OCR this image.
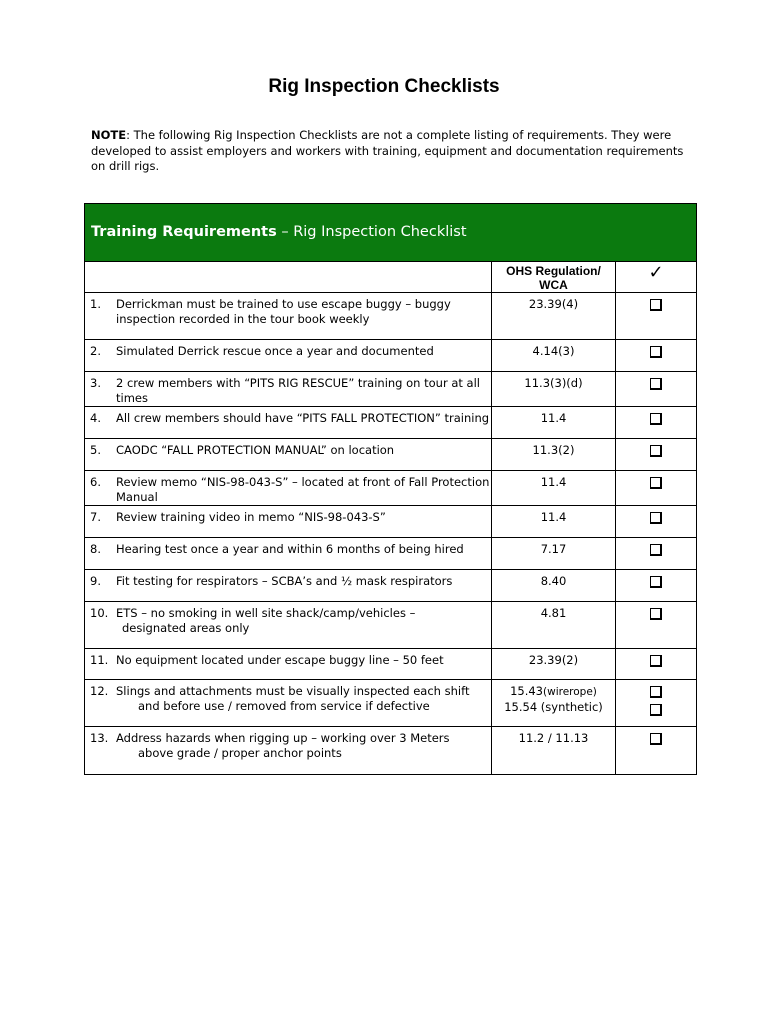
Rig Inspection Checklists
NOTE: The following Rig Inspection Checklists are not a complete listing of requirements. They were developed to assist employers and workers with training, equipment and documentation requirements on drill rigs.
Training Requirements – Rig Inspection Checklist		
	OHS Regulation/ WCA	✓

1. Derrickman must be trained to use escape buggy – buggy inspection recorded in the tour book weekly	23.39(4)	

2. Simulated Derrick rescue once a year and documented	4.14(3)	

3. 2 crew members with “PITS RIG RESCUE” training on tour at all times	11.3(3)(d)	

4. All crew members should have “PITS FALL PROTECTION” training	11.4	

5. CAODC “FALL PROTECTION MANUAL” on location	11.3(2)	

6. Review memo “NIS-98-043-S” – located at front of Fall Protection Manual	11.4	

7. Review training video in memo “NIS-98-043-S”	11.4	

8. Hearing test once a year and within 6 months of being hired	7.17	

9. Fit testing for respirators – SCBA’s and ½ mask respirators	8.40	

10. ETS – no smoking in well site shack/camp/vehicles –
designated areas only	4.81	

11. No equipment located under escape buggy line – 50 feet	23.39(2)	

12. Slings and attachments must be visually inspected each shift
and before use / removed from service if defective	15.43(wirerope)
15.54 (synthetic)	

13. Address hazards when rigging up – working over 3 Meters
above grade / proper anchor points	11.2 / 11.13	
